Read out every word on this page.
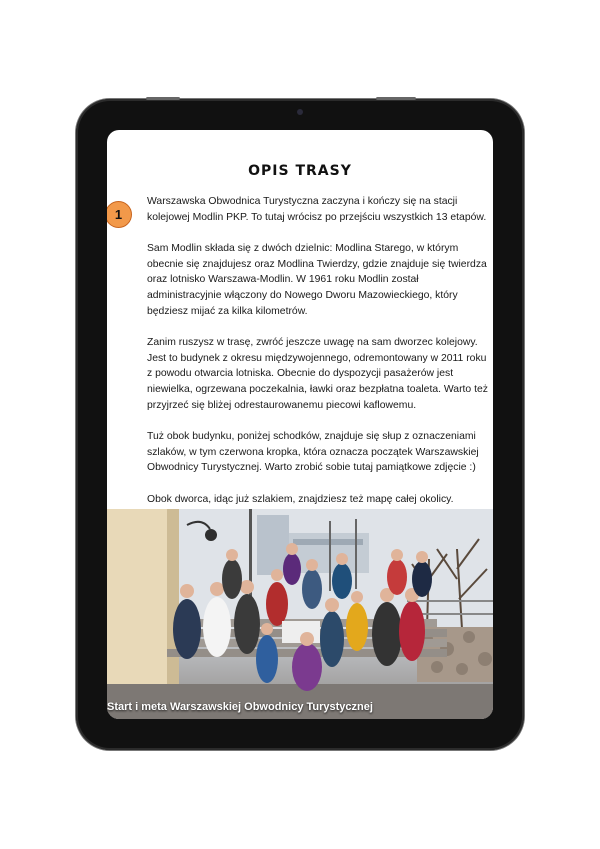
OPIS TRASY
1

Warszawska Obwodnica Turystyczna zaczyna i kończy się na stacji kolejowej Modlin PKP. To tutaj wrócisz po przejściu wszystkich 13 etapów.

Sam Modlin składa się z dwóch dzielnic: Modlina Starego, w którym obecnie się znajdujesz oraz Modlina Twierdzy, gdzie znajduje się twierdza oraz lotnisko Warszawa-Modlin. W 1961 roku Modlin został administracyjnie włączony do Nowego Dworu Mazowieckiego, który będziesz mijać za kilka kilometrów.

Zanim ruszysz w trasę, zwróć jeszcze uwagę na sam dworzec kolejowy. Jest to budynek z okresu międzywojennego, odremontowany w 2011 roku z powodu otwarcia lotniska. Obecnie do dyspozycji pasażerów jest niewielka, ogrzewana poczekalnia, ławki oraz bezpłatna toaleta. Warto też przyjrzeć się bliżej odrestaurowanemu piecowi kaflowemu.

Tuż obok budynku, poniżej schodków, znajduje się słup z oznaczeniami szlaków, w tym czerwona kropka, która oznacza początek Warszawskiej Obwodnicy Turystycznej. Warto zrobić sobie tutaj pamiątkowe zdjęcie :)

Obok dworca, idąc już szlakiem, znajdziesz też mapę całej okolicy.

Start i meta Warszawskiej Obwodnicy Turystycznej
